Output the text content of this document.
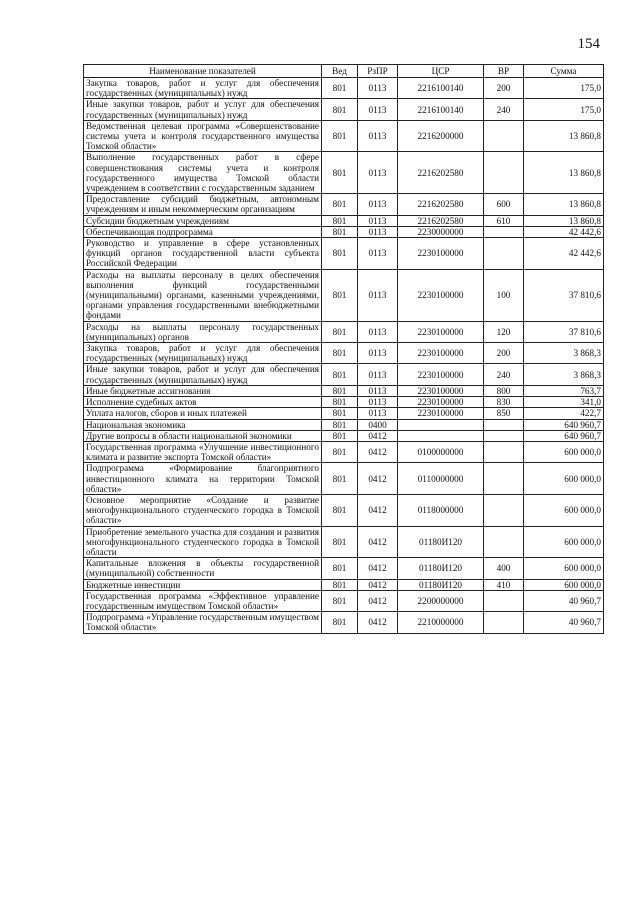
154
Наименование показателей	Вед	РзПР	ЦСР	ВР	Сумма
Закупка товаров, работ и услуг для обеспечения государственных (муниципальных) нужд	801	0113	2216100140	200	175,0
Иные закупки товаров, работ и услуг для обеспечения государственных (муниципальных) нужд	801	0113	2216100140	240	175,0
Ведомственная целевая программа «Совершенствование системы учета и контроля государственного имущества Томской области»	801	0113	2216200000		13 860,8
Выполнение государственных работ в сфере совершенствования системы учета и контроля государственного имущества Томской области учреждением в соответствии с государственным заданием	801	0113	2216202580		13 860,8
Предоставление субсидий бюджетным, автономным учреждениям и иным некоммерческим организациям	801	0113	2216202580	600	13 860,8
Субсидии бюджетным учреждениям	801	0113	2216202580	610	13 860,8
Обеспечивающая подпрограмма	801	0113	2230000000		42 442,6
Руководство и управление в сфере установленных функций органов государственной власти субъекта Российской Федерации	801	0113	2230100000		42 442,6
Расходы на выплаты персоналу в целях обеспечения выполнения функций государственными (муниципальными) органами, казенными учреждениями, органами управления государственными внебюджетными фондами	801	0113	2230100000	100	37 810,6
Расходы на выплаты персоналу государственных (муниципальных) органов	801	0113	2230100000	120	37 810,6
Закупка товаров, работ и услуг для обеспечения государственных (муниципальных) нужд	801	0113	2230100000	200	3 868,3
Иные закупки товаров, работ и услуг для обеспечения государственных (муниципальных) нужд	801	0113	2230100000	240	3 868,3
Иные бюджетные ассигнования	801	0113	2230100000	800	763,7
Исполнение судебных актов	801	0113	2230100000	830	341,0
Уплата налогов, сборов и иных платежей	801	0113	2230100000	850	422,7
Национальная экономика	801	0400			640 960,7
Другие вопросы в области национальной экономики	801	0412			640 960,7
Государственная программа «Улучшение инвестиционного климата и развитие экспорта Томской области»	801	0412	0100000000		600 000,0
Подпрограмма «Формирование благоприятного инвестиционного климата на территории Томской области»	801	0412	0110000000		600 000,0
Основное мероприятие «Создание и развитие многофункционального студенческого городка в Томской области»	801	0412	0118000000		600 000,0
Приобретение земельного участка для создания и развития многофункционального студенческого городка в Томской области	801	0412	01180И120		600 000,0
Капитальные вложения в объекты государственной (муниципальной) собственности	801	0412	01180И120	400	600 000,0
Бюджетные инвестиции	801	0412	01180И120	410	600 000,0
Государственная программа «Эффективное управление государственным имуществом Томской области»	801	0412	2200000000		40 960,7
Подпрограмма «Управление государственным имуществом Томской области»	801	0412	2210000000		40 960,7
